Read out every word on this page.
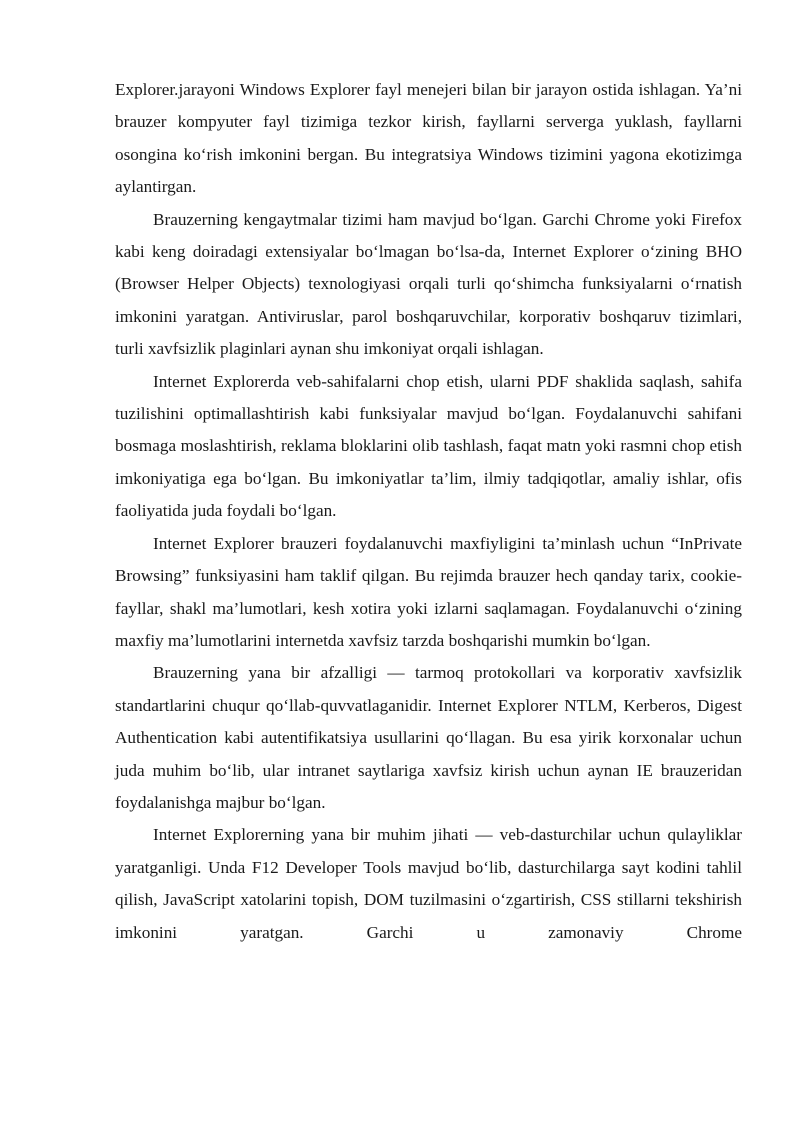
Explorer.jarayoni Windows Explorer fayl menejeri bilan bir jarayon ostida ishlagan. Ya’ni brauzer kompyuter fayl tizimiga tezkor kirish, fayllarni serverga yuklash, fayllarni osongina ko‘rish imkonini bergan. Bu integratsiya Windows tizimini yagona ekotizimga aylantirgan.

Brauzerning kengaytmalar tizimi ham mavjud bo‘lgan. Garchi Chrome yoki Firefox kabi keng doiradagi extensiyalar bo‘lmagan bo‘lsa-da, Internet Explorer o‘zining BHO (Browser Helper Objects) texnologiyasi orqali turli qo‘shimcha funksiyalarni o‘rnatish imkonini yaratgan. Antiviruslar, parol boshqaruvchilar, korporativ boshqaruv tizimlari, turli xavfsizlik plaginlari aynan shu imkoniyat orqali ishlagan.

Internet Explorerda veb-sahifalarni chop etish, ularni PDF shaklida saqlash, sahifa tuzilishini optimallashtirish kabi funksiyalar mavjud bo‘lgan. Foydalanuvchi sahifani bosmaga moslashtirish, reklama bloklarini olib tashlash, faqat matn yoki rasmni chop etish imkoniyatiga ega bo‘lgan. Bu imkoniyatlar ta’lim, ilmiy tadqiqotlar, amaliy ishlar, ofis faoliyatida juda foydali bo‘lgan.

Internet Explorer brauzeri foydalanuvchi maxfiyligini ta’minlash uchun “InPrivate Browsing” funksiyasini ham taklif qilgan. Bu rejimda brauzer hech qanday tarix, cookie-fayllar, shakl ma’lumotlari, kesh xotira yoki izlarni saqlamagan. Foydalanuvchi o‘zining maxfiy ma’lumotlarini internetda xavfsiz tarzda boshqarishi mumkin bo‘lgan.

Brauzerning yana bir afzalligi — tarmoq protokollari va korporativ xavfsizlik standartlarini chuqur qo‘llab-quvvatlaganidir. Internet Explorer NTLM, Kerberos, Digest Authentication kabi autentifikatsiya usullarini qo‘llagan. Bu esa yirik korxonalar uchun juda muhim bo‘lib, ular intranet saytlariga xavfsiz kirish uchun aynan IE brauzeridan foydalanishga majbur bo‘lgan.

Internet Explorerning yana bir muhim jihati — veb-dasturchilar uchun qulayliklar yaratganligi. Unda F12 Developer Tools mavjud bo‘lib, dasturchilarga sayt kodini tahlil qilish, JavaScript xatolarini topish, DOM tuzilmasini o‘zgartirish, CSS stillarni tekshirish imkonini yaratgan. Garchi u zamonaviy Chrome
